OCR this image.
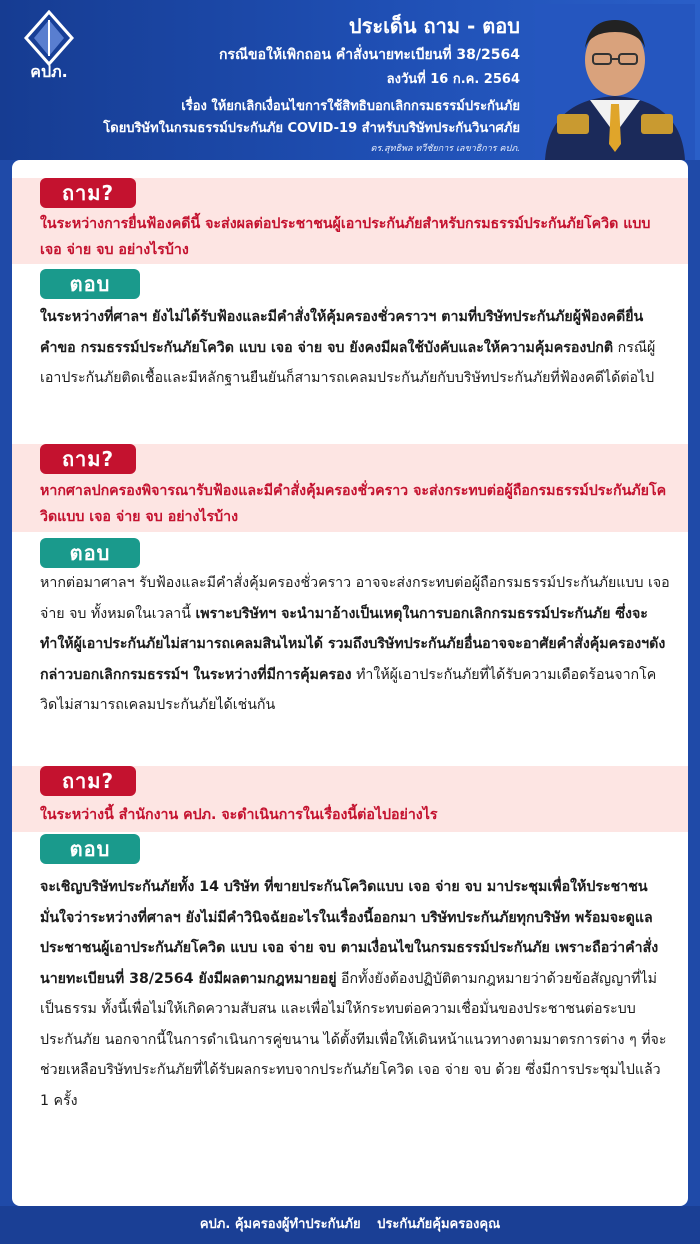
คปภ.
ประเด็น ถาม - ตอบ
กรณีขอให้เพิกถอน คำสั่งนายทะเบียนที่ 38/2564
ลงวันที่ 16 ก.ค. 2564
เรื่อง ให้ยกเลิกเงื่อนไขการใช้สิทธิบอกเลิกกรมธรรม์ประกันภัย
โดยบริษัทในกรมธรรม์ประกันภัย COVID-19 สำหรับบริษัทประกันวินาศภัย
ดร.สุทธิพล ทวีชัยการ เลขาธิการ คปภ.
ถาม?
ในระหว่างการยื่นฟ้องคดีนี้ จะส่งผลต่อประชาชนผู้เอาประกันภัยสำหรับกรมธรรม์ประกันภัยโควิด แบบ เจอ จ่าย จบ อย่างไรบ้าง
ตอบ
ในระหว่างที่ศาลฯ ยังไม่ได้รับฟ้องและมีคำสั่งให้คุ้มครองชั่วคราวฯ ตามที่บริษัทประกันภัยผู้ฟ้องคดียื่นคำขอ กรมธรรม์ประกันภัยโควิด แบบ เจอ จ่าย จบ ยังคงมีผลใช้บังคับและให้ความคุ้มครองปกติ กรณีผู้เอาประกันภัยติดเชื้อและมีหลักฐานยืนยันก็สามารถเคลมประกันภัยกับบริษัทประกันภัยที่ฟ้องคดีได้ต่อไป
ถาม?
หากศาลปกครองพิจารณารับฟ้องและมีคำสั่งคุ้มครองชั่วคราว จะส่งกระทบต่อผู้ถือกรมธรรม์ประกันภัยโควิดแบบ เจอ จ่าย จบ อย่างไรบ้าง
ตอบ
หากต่อมาศาลฯ รับฟ้องและมีคำสั่งคุ้มครองชั่วคราว อาจจะส่งกระทบต่อผู้ถือกรมธรรม์ประกันภัยแบบ เจอ จ่าย จบ ทั้งหมดในเวลานี้ เพราะบริษัทฯ จะนำมาอ้างเป็นเหตุในการบอกเลิกกรมธรรม์ประกันภัย ซึ่งจะทำให้ผู้เอาประกันภัยไม่สามารถเคลมสินไหมได้ รวมถึงบริษัทประกันภัยอื่นอาจจะอาศัยคำสั่งคุ้มครองฯดังกล่าวบอกเลิกกรมธรรม์ฯ ในระหว่างที่มีการคุ้มครอง ทำให้ผู้เอาประกันภัยที่ได้รับความเดือดร้อนจากโควิดไม่สามารถเคลมประกันภัยได้เช่นกัน
ถาม?
ในระหว่างนี้ สำนักงาน คปภ. จะดำเนินการในเรื่องนี้ต่อไปอย่างไร
ตอบ
จะเชิญบริษัทประกันภัยทั้ง 14 บริษัท ที่ขายประกันโควิดแบบ เจอ จ่าย จบ มาประชุมเพื่อให้ประชาชนมั่นใจว่าระหว่างที่ศาลฯ ยังไม่มีคำวินิจฉัยอะไรในเรื่องนี้ออกมา บริษัทประกันภัยทุกบริษัท พร้อมจะดูแลประชาชนผู้เอาประกันภัยโควิด แบบ เจอ จ่าย จบ ตามเงื่อนไขในกรมธรรม์ประกันภัย เพราะถือว่าคำสั่งนายทะเบียนที่ 38/2564 ยังมีผลตามกฎหมายอยู่ อีกทั้งยังต้องปฏิบัติตามกฎหมายว่าด้วยข้อสัญญาที่ไม่เป็นธรรม ทั้งนี้เพื่อไม่ให้เกิดความสับสน และเพื่อไม่ให้กระทบต่อความเชื่อมั่นของประชาชนต่อระบบประกันภัย นอกจากนี้ในการดำเนินการคู่ขนาน ได้ตั้งทีมเพื่อให้เดินหน้าแนวทางตามมาตรการต่าง ๆ ที่จะช่วยเหลือบริษัทประกันภัยที่ได้รับผลกระทบจากประกันภัยโควิด เจอ จ่าย จบ ด้วย ซึ่งมีการประชุมไปแล้ว 1 ครั้ง
คปภ. คุ้มครองผู้ทำประกันภัย ประกันภัยคุ้มครองคุณ
